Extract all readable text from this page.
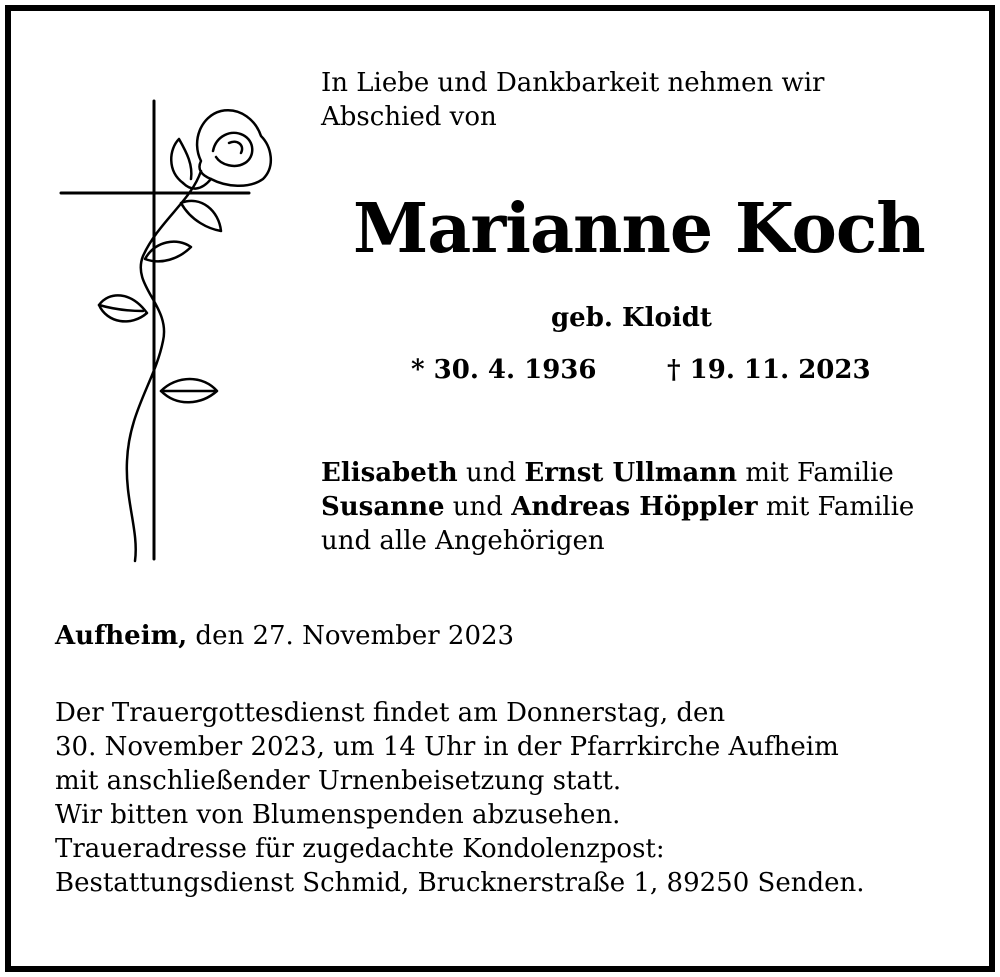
In Liebe und Dankbarkeit nehmen wir
Abschied von
Marianne Koch
geb. Kloidt
* 30. 4. 1936	† 19. 11. 2023
Elisabeth und Ernst Ullmann mit Familie
Susanne und Andreas Höppler mit Familie
und alle Angehörigen
Aufheim, den 27. November 2023
Der Trauergottesdienst findet am Donnerstag, den
30. November 2023, um 14 Uhr in der Pfarrkirche Aufheim
mit anschließender Urnenbeisetzung statt.
Wir bitten von Blumenspenden abzusehen.
Traueradresse für zugedachte Kondolenzpost:
Bestattungsdienst Schmid, Brucknerstraße 1, 89250 Senden.
